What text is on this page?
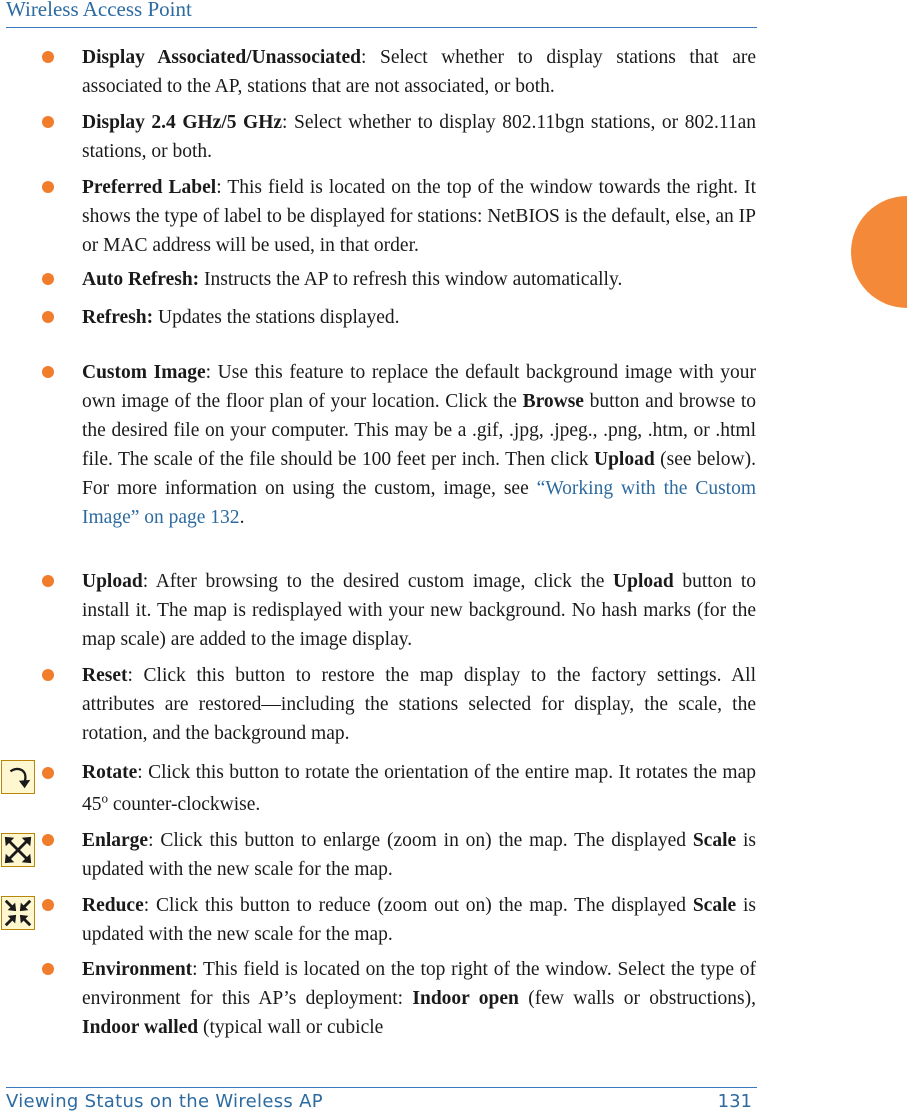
Wireless Access Point
Display Associated/Unassociated: Select whether to display stations that are associated to the AP, stations that are not associated, or both.
Display 2.4 GHz/5 GHz: Select whether to display 802.11bgn stations, or 802.11an stations, or both.
Preferred Label: This field is located on the top of the window towards the right. It shows the type of label to be displayed for stations: NetBIOS is the default, else, an IP or MAC address will be used, in that order.
Auto Refresh: Instructs the AP to refresh this window automatically.
Refresh: Updates the stations displayed.
Custom Image: Use this feature to replace the default background image with your own image of the floor plan of your location. Click the Browse button and browse to the desired file on your computer. This may be a .gif, .jpg, .jpeg., .png, .htm, or .html file. The scale of the file should be 100 feet per inch. Then click Upload (see below). For more information on using the custom, image, see “Working with the Custom Image” on page 132.
Upload: After browsing to the desired custom image, click the Upload button to install it. The map is redisplayed with your new background. No hash marks (for the map scale) are added to the image display.
Reset: Click this button to restore the map display to the factory settings. All attributes are restored—including the stations selected for display, the scale, the rotation, and the background map.
Rotate: Click this button to rotate the orientation of the entire map. It rotates the map 45$^o$ counter-clockwise.
Enlarge: Click this button to enlarge (zoom in on) the map. The displayed Scale is updated with the new scale for the map.
Reduce: Click this button to reduce (zoom out on) the map. The displayed Scale is updated with the new scale for the map.
Environment: This field is located on the top right of the window. Select the type of environment for this AP’s deployment: Indoor open (few walls or obstructions), Indoor walled (typical wall or cubicle
Viewing Status on the Wireless AP	131
